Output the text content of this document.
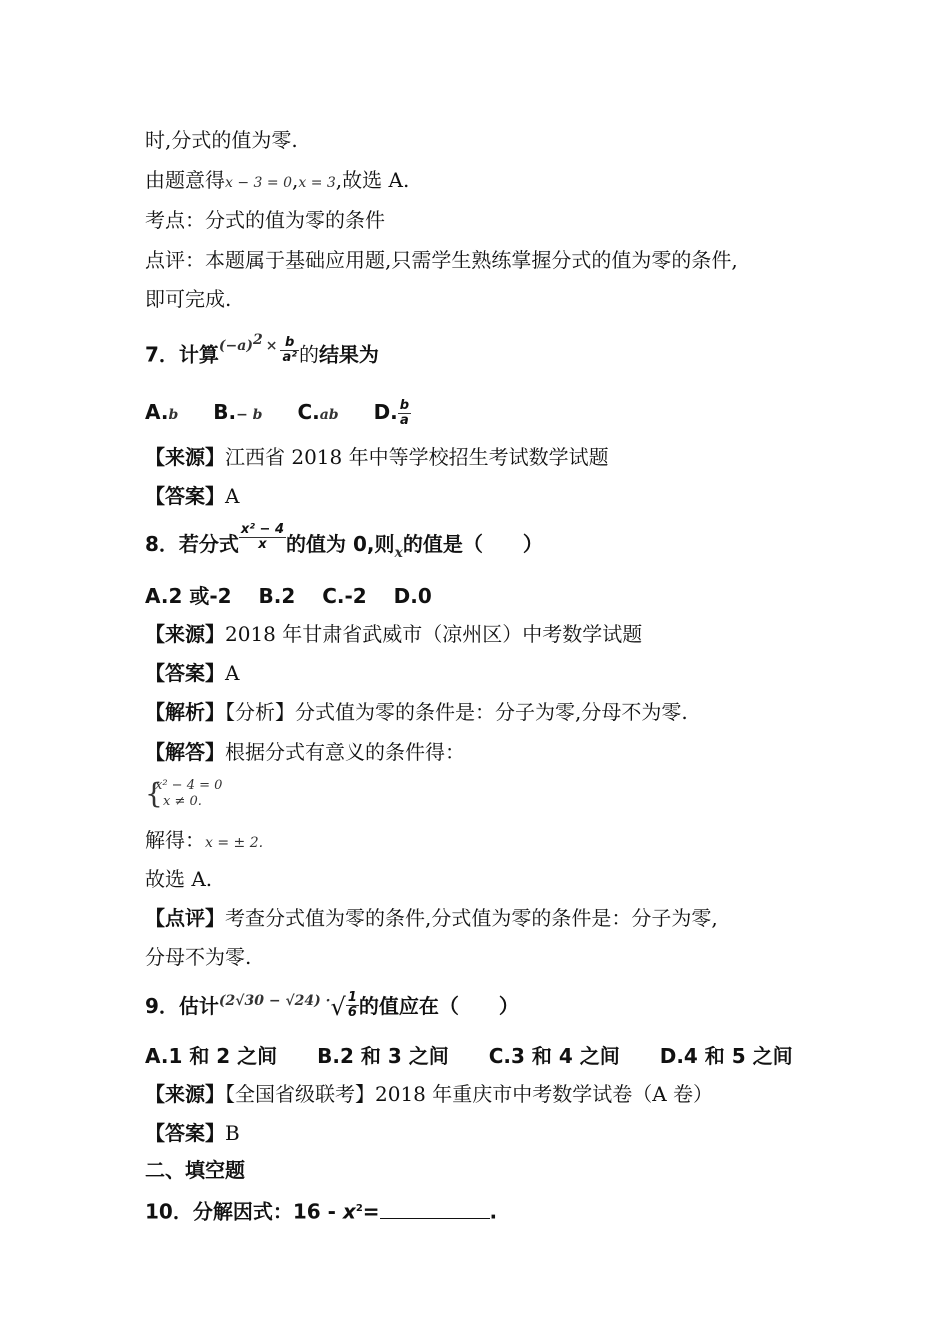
时,分式的值为零.
由题意得x − 3 = 0,x = 3,故选 A.
考点：分式的值为零的条件
点评：本题属于基础应用题,只需学生熟练掌握分式的值为零的条件,
即可完成.
7．计算$^{(-a)2}$ $^\times \frac{b}{\text{a²}}$ 的结果为
A.b B.− b C.ab D. $\frac{b}{a}$
【来源】江西省 2018 年中等学校招生考试数学试题
【答案】A
8．若分式 $\frac{\text{x² − 4}}{x}$ 的值为 0,则$_x$的值是（　　）
A.2 或-2　 B.2　 C.-2　 D.0
【来源】2018 年甘肃省武威市（凉州区）中考数学试题
【答案】A
【解析】【分析】分式值为零的条件是：分子为零,分母不为零.
【解答】根据分式有意义的条件得：
{
x² − 4 = 0
x ≠ 0.
解得：x = ± 2.
故选 A.
【点评】考查分式值为零的条件,分式值为零的条件是：分子为零,
分母不为零.
9．估计$^{(2√30 - √24) \cdot}√ \frac{1}{6}$ 的值应在（　　）
A.1 和 2 之间　　B.2 和 3 之间　　C.3 和 4 之间　　D.4 和 5 之间
【来源】【全国省级联考】2018 年重庆市中考数学试卷（A 卷）
【答案】B
二、填空题
10．分解因式：$16 - x^2=$	.
